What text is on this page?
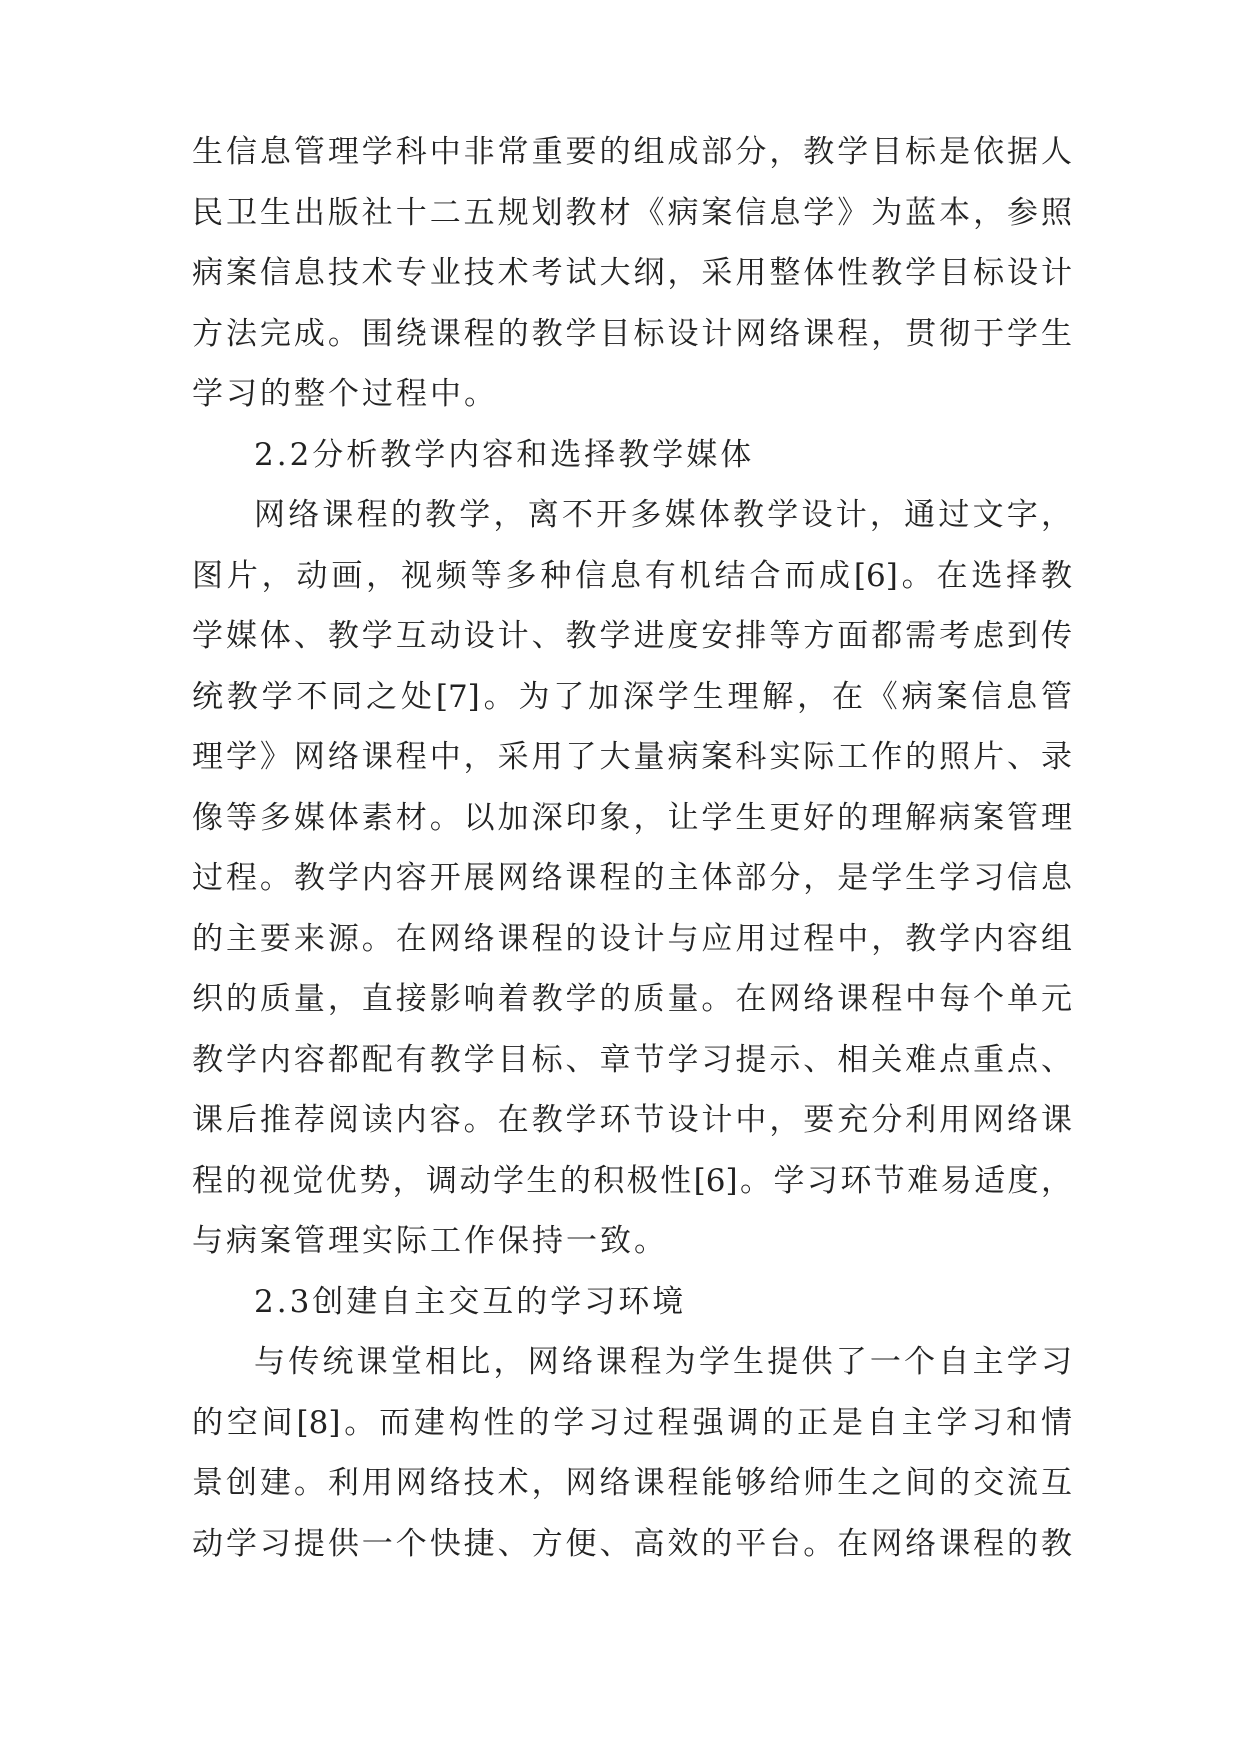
生信息管理学科中非常重要的组成部分，教学目标是依据人
民卫生出版社十二五规划教材《病案信息学》为蓝本，参照
病案信息技术专业技术考试大纲，采用整体性教学目标设计
方法完成。围绕课程的教学目标设计网络课程，贯彻于学生
学习的整个过程中。
2.2分析教学内容和选择教学媒体
网络课程的教学，离不开多媒体教学设计，通过文字，
图片，动画，视频等多种信息有机结合而成[6]。在选择教
学媒体、教学互动设计、教学进度安排等方面都需考虑到传
统教学不同之处[7]。为了加深学生理解，在《病案信息管
理学》网络课程中，采用了大量病案科实际工作的照片、录
像等多媒体素材。以加深印象，让学生更好的理解病案管理
过程。教学内容开展网络课程的主体部分，是学生学习信息
的主要来源。在网络课程的设计与应用过程中，教学内容组
织的质量，直接影响着教学的质量。在网络课程中每个单元
教学内容都配有教学目标、章节学习提示、相关难点重点、
课后推荐阅读内容。在教学环节设计中，要充分利用网络课
程的视觉优势，调动学生的积极性[6]。学习环节难易适度，
与病案管理实际工作保持一致。
2.3创建自主交互的学习环境
与传统课堂相比，网络课程为学生提供了一个自主学习
的空间[8]。而建构性的学习过程强调的正是自主学习和情
景创建。利用网络技术，网络课程能够给师生之间的交流互
动学习提供一个快捷、方便、高效的平台。在网络课程的教
